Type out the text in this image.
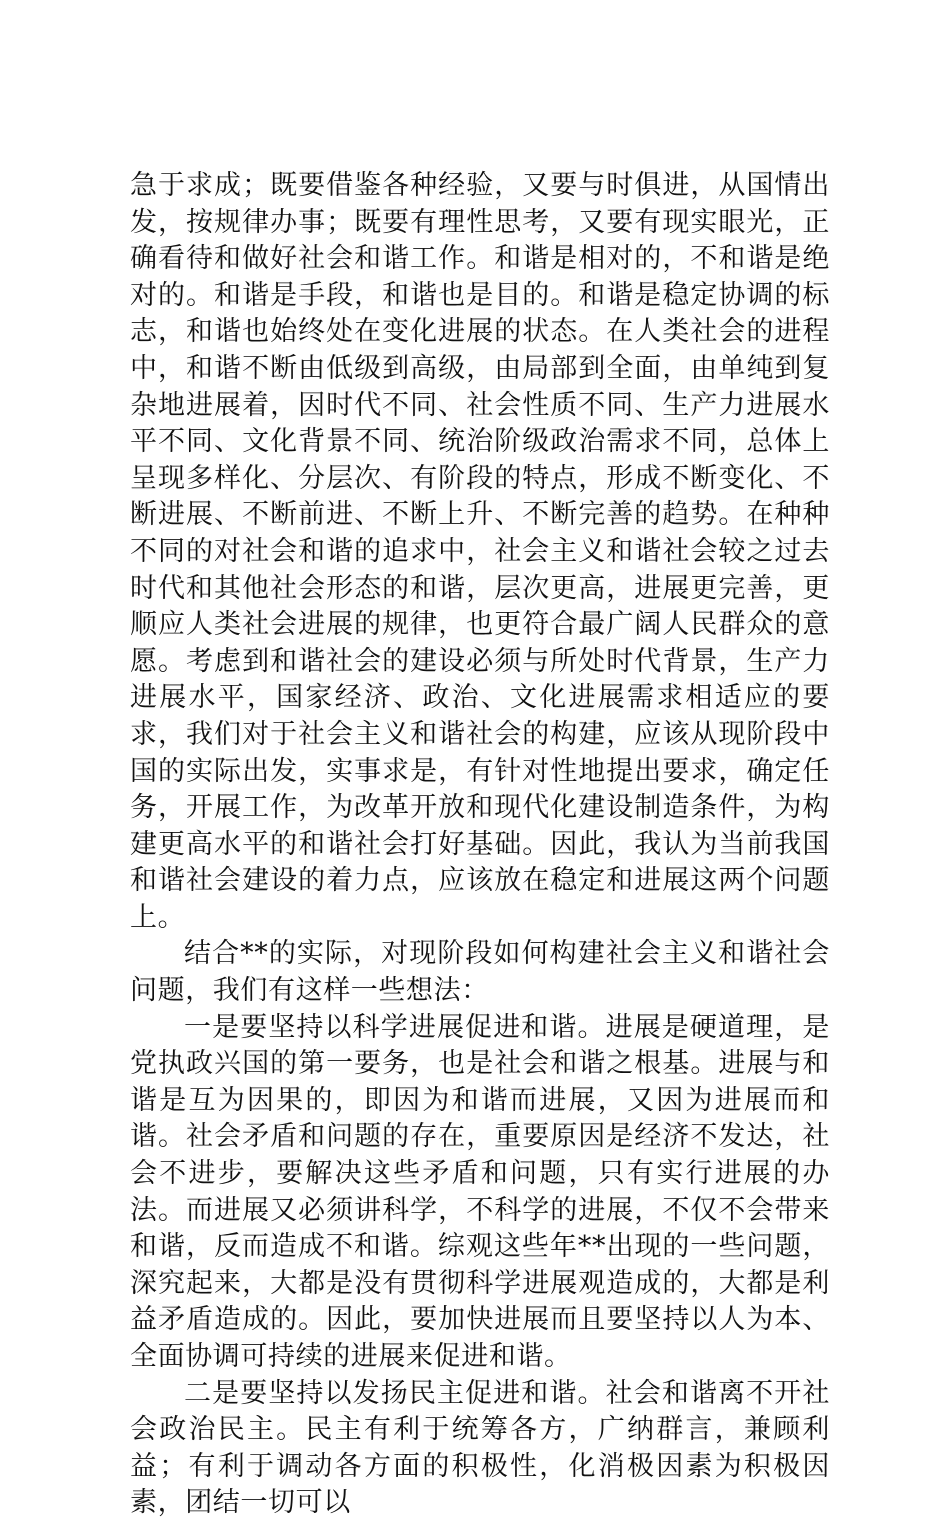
急于求成；既要借鉴各种经验，又要与时俱进，从国情出发，按规律办事；既要有理性思考，又要有现实眼光，正确看待和做好社会和谐工作。和谐是相对的，不和谐是绝对的。和谐是手段，和谐也是目的。和谐是稳定协调的标志，和谐也始终处在变化进展的状态。在人类社会的进程中，和谐不断由低级到高级，由局部到全面，由单纯到复杂地进展着，因时代不同、社会性质不同、生产力进展水平不同、文化背景不同、统治阶级政治需求不同，总体上呈现多样化、分层次、有阶段的特点，形成不断变化、不断进展、不断前进、不断上升、不断完善的趋势。在种种不同的对社会和谐的追求中，社会主义和谐社会较之过去时代和其他社会形态的和谐，层次更高，进展更完善，更顺应人类社会进展的规律，也更符合最广阔人民群众的意愿。考虑到和谐社会的建设必须与所处时代背景，生产力进展水平，国家经济、政治、文化进展需求相适应的要求，我们对于社会主义和谐社会的构建，应该从现阶段中国的实际出发，实事求是，有针对性地提出要求，确定任务，开展工作，为改革开放和现代化建设制造条件，为构建更高水平的和谐社会打好基础。因此，我认为当前我国和谐社会建设的着力点，应该放在稳定和进展这两个问题上。

结合**的实际，对现阶段如何构建社会主义和谐社会问题，我们有这样一些想法：

一是要坚持以科学进展促进和谐。进展是硬道理，是党执政兴国的第一要务，也是社会和谐之根基。进展与和谐是互为因果的，即因为和谐而进展，又因为进展而和谐。社会矛盾和问题的存在，重要原因是经济不发达，社会不进步，要解决这些矛盾和问题，只有实行进展的办法。而进展又必须讲科学，不科学的进展，不仅不会带来和谐，反而造成不和谐。综观这些年**出现的一些问题，深究起来，大都是没有贯彻科学进展观造成的，大都是利益矛盾造成的。因此，要加快进展而且要坚持以人为本、全面协调可持续的进展来促进和谐。

二是要坚持以发扬民主促进和谐。社会和谐离不开社会政治民主。民主有利于统筹各方，广纳群言，兼顾利益；有利于调动各方面的积极性，化消极因素为积极因素，团结一切可以
